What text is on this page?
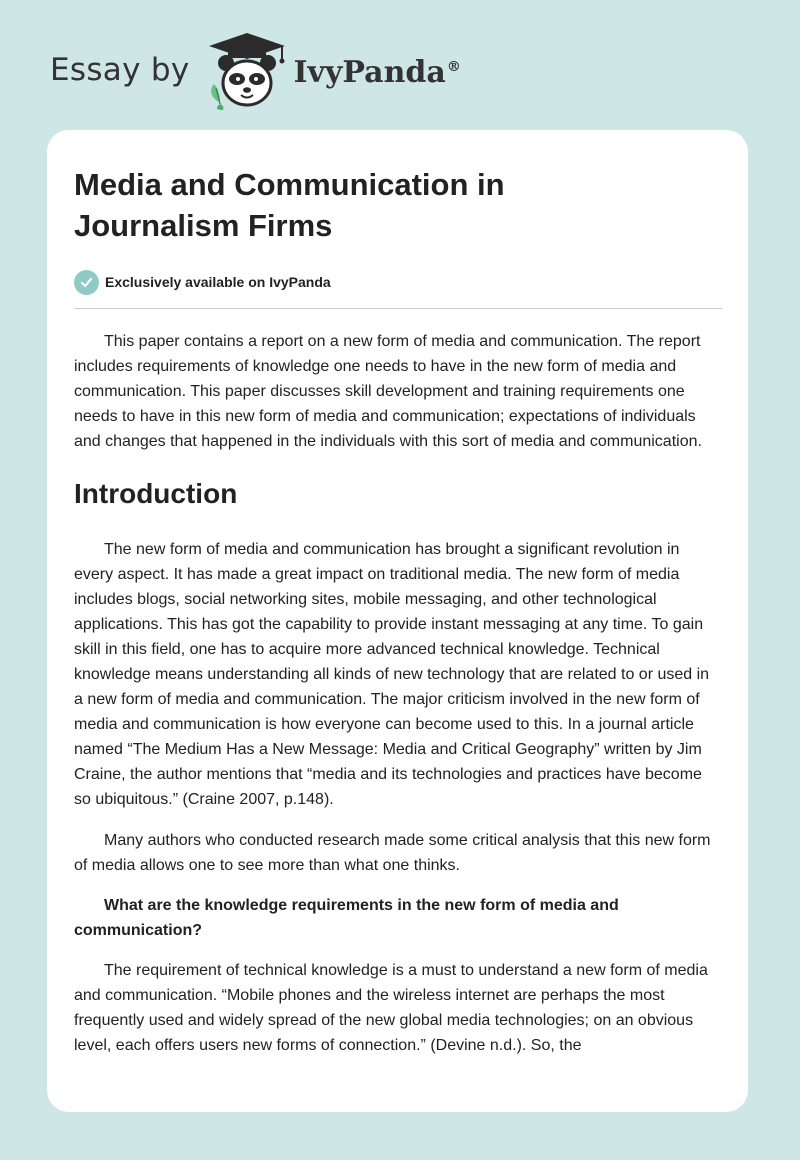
Essay by	IvyPanda®
Media and Communication in Journalism Firms
Exclusively available on IvyPanda

This paper contains a report on a new form of media and communication. The report includes requirements of knowledge one needs to have in the new form of media and communication. This paper discusses skill development and training requirements one needs to have in this new form of media and communication; expectations of individuals and changes that happened in the individuals with this sort of media and communication.

Introduction

The new form of media and communication has brought a significant revolution in every aspect. It has made a great impact on traditional media. The new form of media includes blogs, social networking sites, mobile messaging, and other technological applications. This has got the capability to provide instant messaging at any time. To gain skill in this field, one has to acquire more advanced technical knowledge. Technical knowledge means understanding all kinds of new technology that are related to or used in a new form of media and communication. The major criticism involved in the new form of media and communication is how everyone can become used to this. In a journal article named “The Medium Has a New Message: Media and Critical Geography” written by Jim Craine, the author mentions that “media and its technologies and practices have become so ubiquitous.” (Craine 2007, p.148).

Many authors who conducted research made some critical analysis that this new form of media allows one to see more than what one thinks.

What are the knowledge requirements in the new form of media and communication?

The requirement of technical knowledge is a must to understand a new form of media and communication. “Mobile phones and the wireless internet are perhaps the most frequently used and widely spread of the new global media technologies; on an obvious level, each offers users new forms of connection.” (Devine n.d.). So, the
